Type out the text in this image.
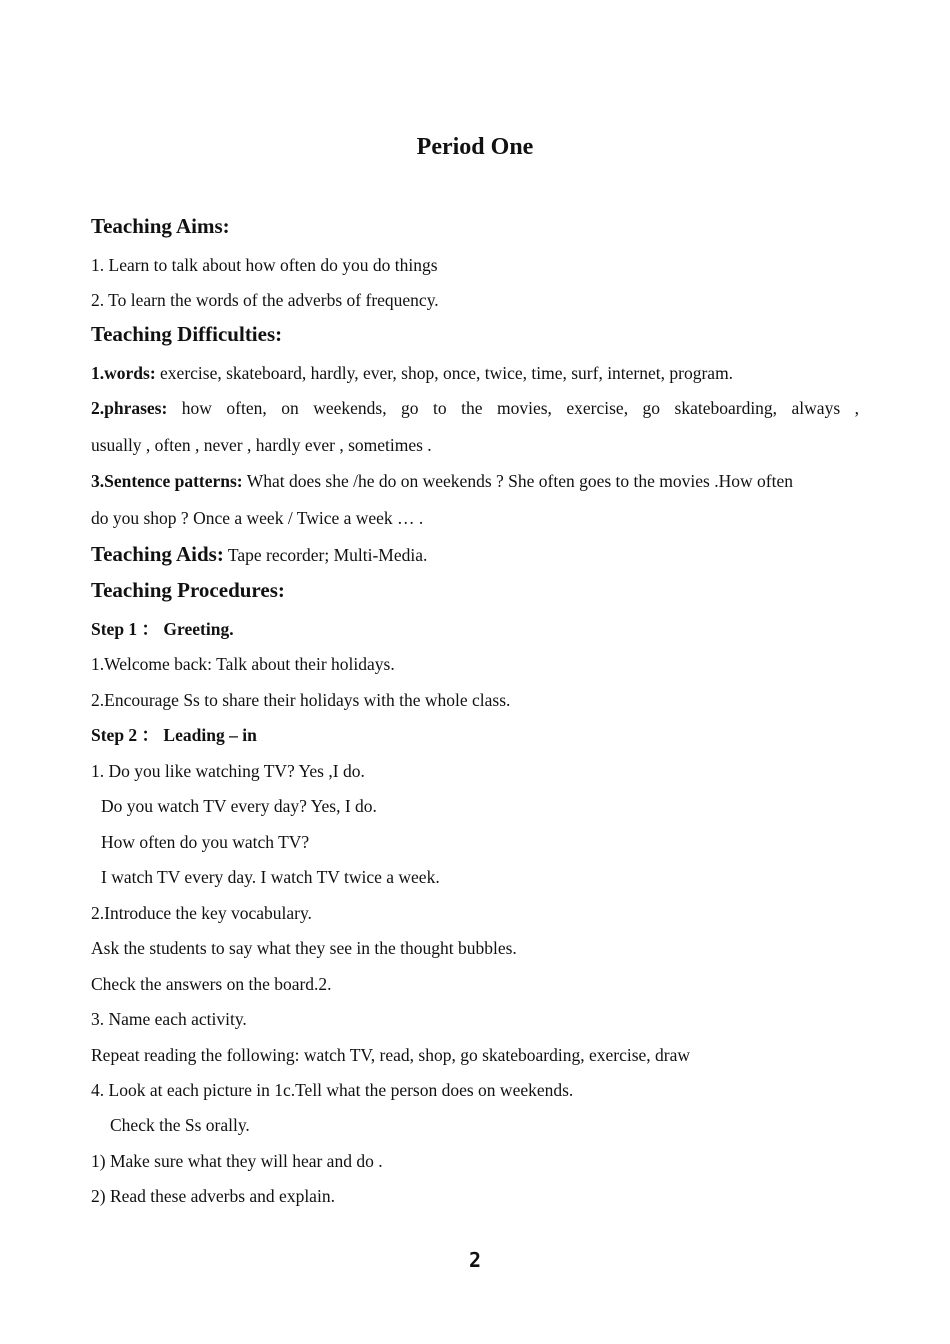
Period One
Teaching Aims:
1. Learn to talk about how often do you do things
2. To learn the words of the adverbs of frequency.
Teaching Difficulties:
1.words: exercise, skateboard, hardly, ever, shop, once, twice, time, surf, internet, program.
2.phrases: how often, on weekends, go to the movies, exercise, go skateboarding, always ,
usually , often , never , hardly ever , sometimes .
3.Sentence patterns: What does she /he do on weekends ? She often goes to the movies .How often
do you shop ? Once a week / Twice a week … .
Teaching Aids: Tape recorder; Multi-Media.
Teaching Procedures:
Step 1 ： Greeting.
1.Welcome back: Talk about their holidays.
2.Encourage Ss to share their holidays with the whole class.
Step 2 ： Leading – in
1. Do you like watching TV? Yes ,I do.
Do you watch TV every day? Yes, I do.
How often do you watch TV?
I watch TV every day. I watch TV twice a week.
2.Introduce the key vocabulary.
Ask the students to say what they see in the thought bubbles.
Check the answers on the board.2.
3. Name each activity.
Repeat reading the following: watch TV, read, shop, go skateboarding, exercise, draw
4. Look at each picture in 1c.Tell what the person does on weekends.
Check the Ss orally.
1) Make sure what they will hear and do .
2) Read these adverbs and explain.
2
